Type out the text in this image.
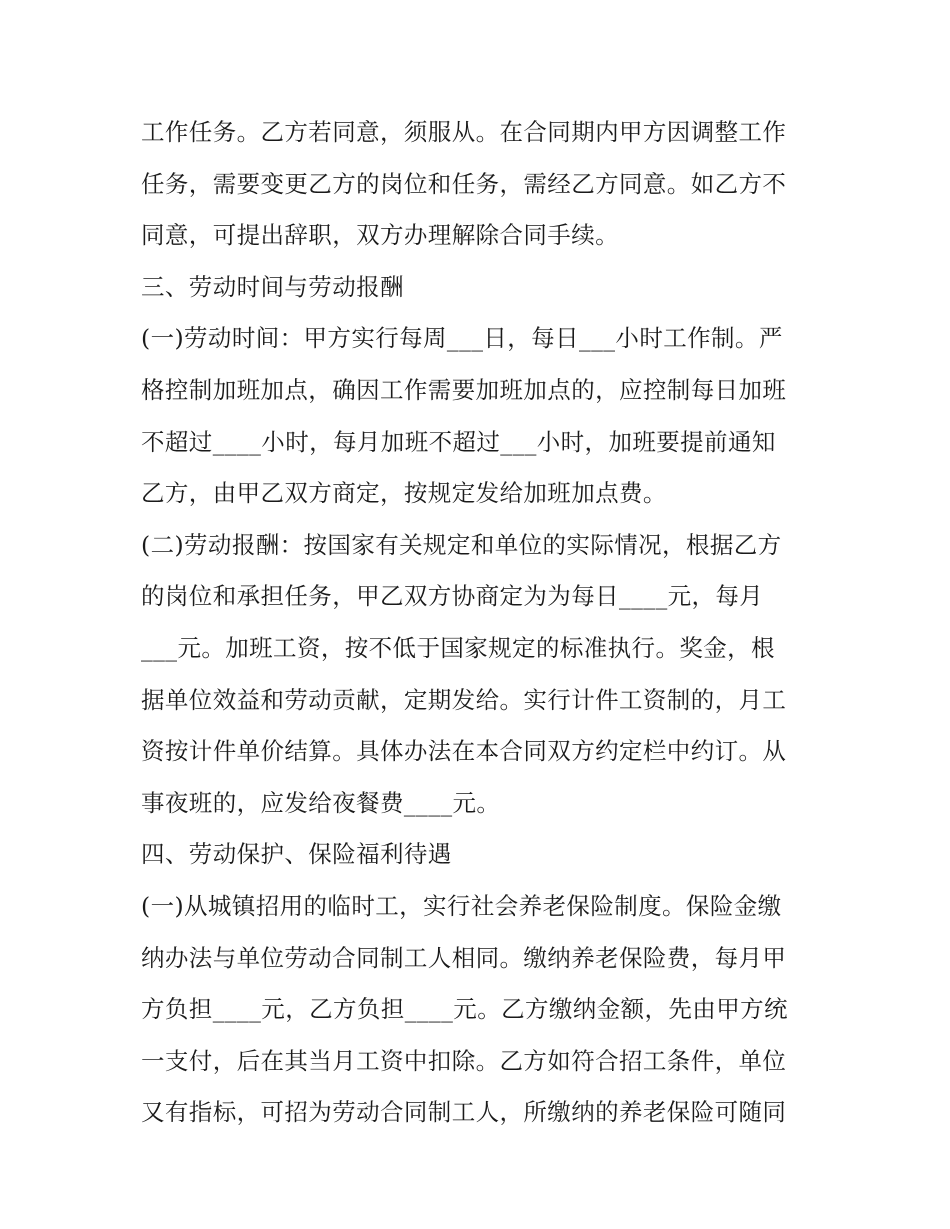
工作任务。乙方若同意，须服从。在合同期内甲方因调整工作
任务，需要变更乙方的岗位和任务，需经乙方同意。如乙方不
同意，可提出辞职，双方办理解除合同手续。
三、劳动时间与劳动报酬
(一)劳动时间：甲方实行每周___日，每日___小时工作制。严
格控制加班加点，确因工作需要加班加点的，应控制每日加班
不超过____小时，每月加班不超过___小时，加班要提前通知
乙方，由甲乙双方商定，按规定发给加班加点费。
(二)劳动报酬：按国家有关规定和单位的实际情况，根据乙方
的岗位和承担任务，甲乙双方协商定为为每日____元，每月
___元。加班工资，按不低于国家规定的标准执行。奖金，根
据单位效益和劳动贡献，定期发给。实行计件工资制的，月工
资按计件单价结算。具体办法在本合同双方约定栏中约订。从
事夜班的，应发给夜餐费____元。
四、劳动保护、保险福利待遇
(一)从城镇招用的临时工，实行社会养老保险制度。保险金缴
纳办法与单位劳动合同制工人相同。缴纳养老保险费，每月甲
方负担____元，乙方负担____元。乙方缴纳金额，先由甲方统
一支付，后在其当月工资中扣除。乙方如符合招工条件，单位
又有指标，可招为劳动合同制工人，所缴纳的养老保险可随同
